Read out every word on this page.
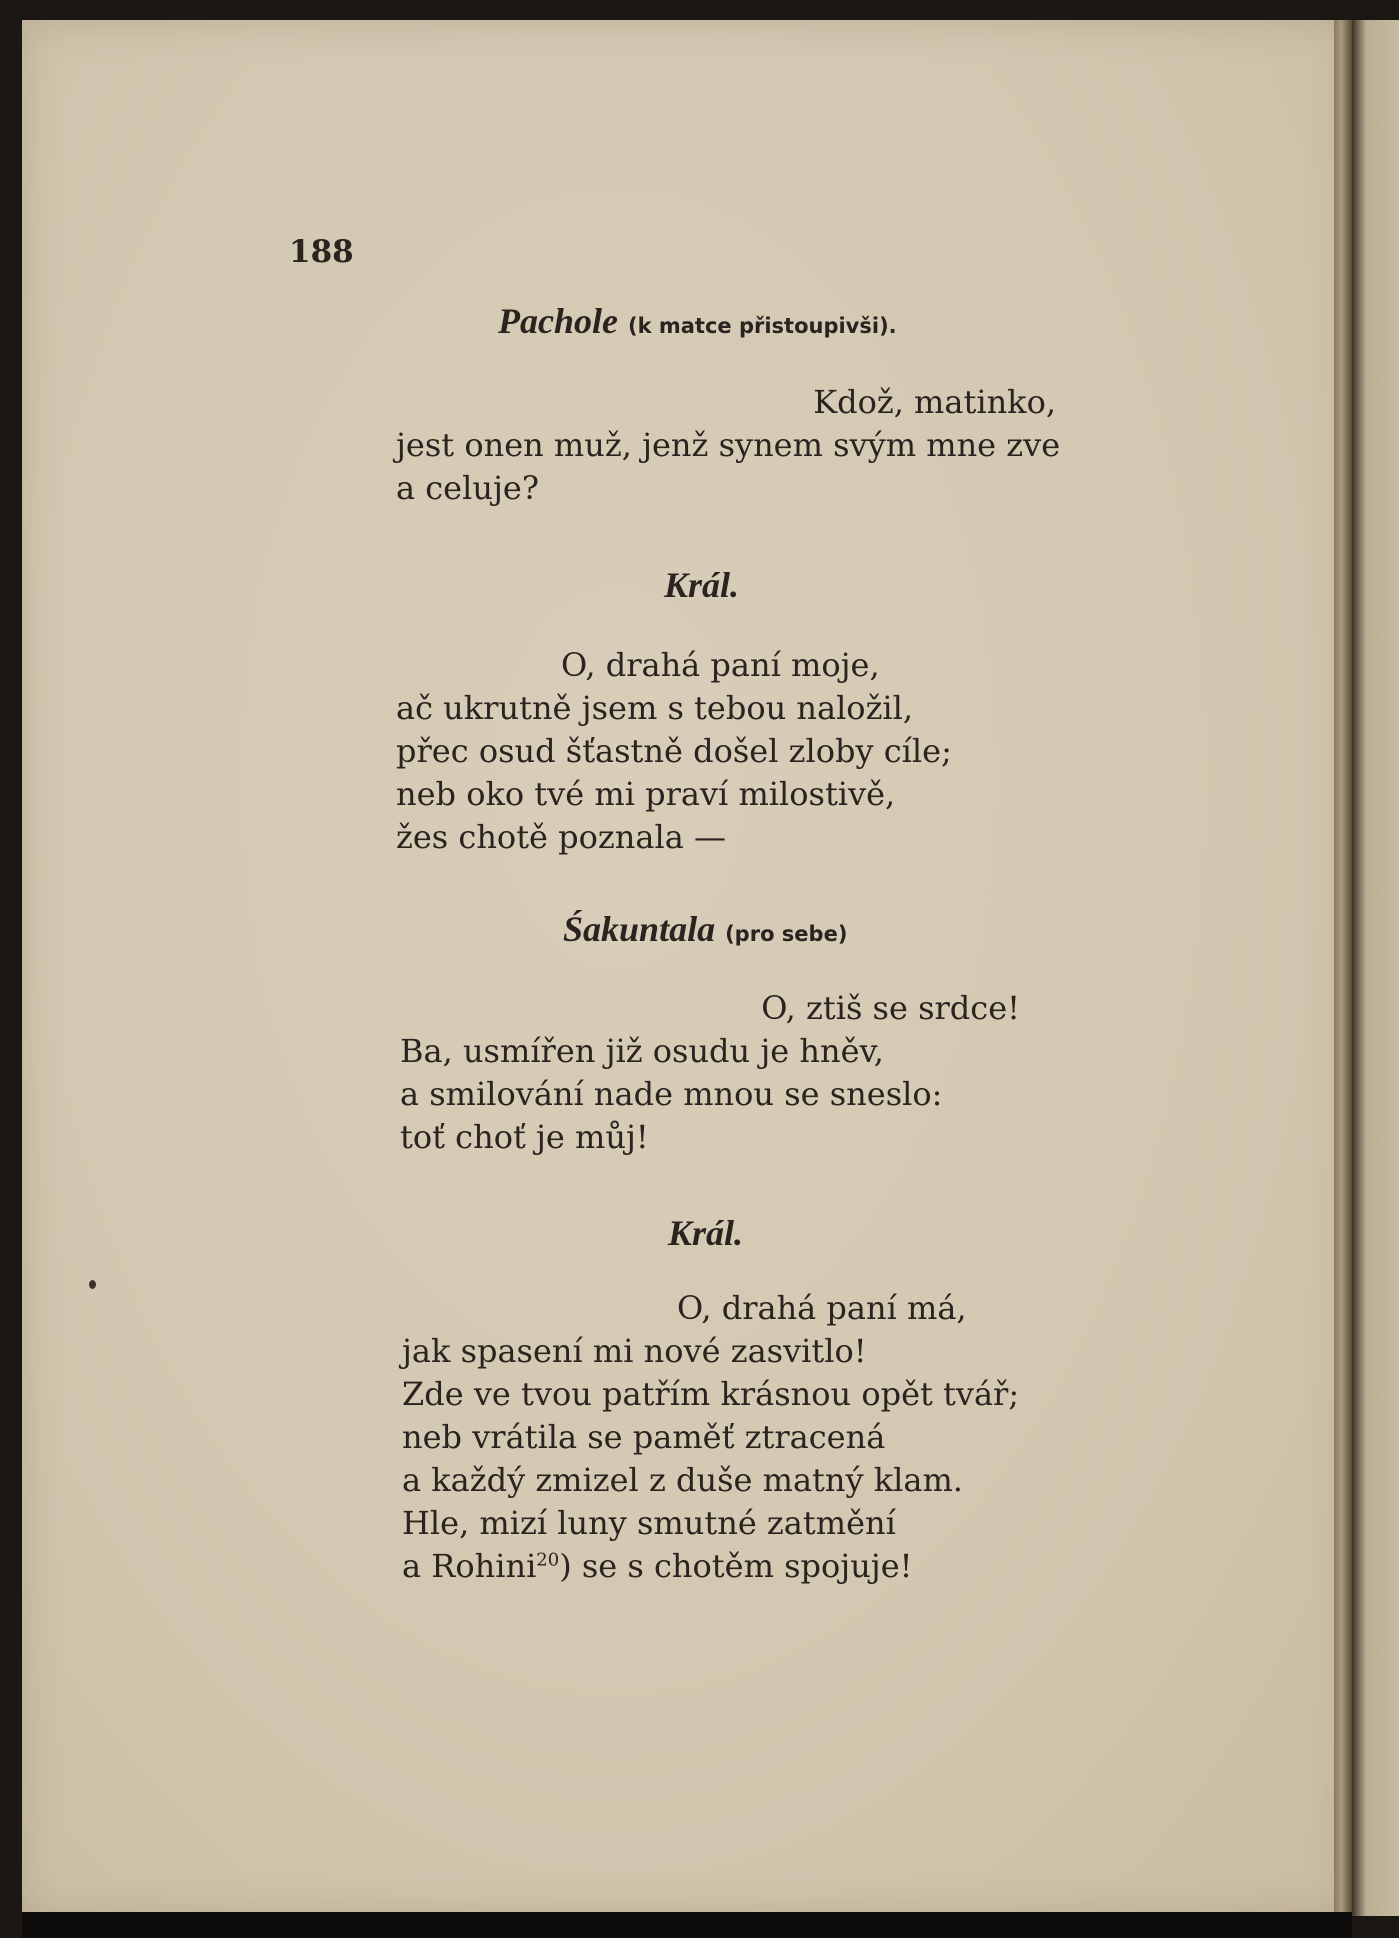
188
Pachole (k matce přistoupivši).
Kdož, matinko,
jest onen muž, jenž synem svým mne zve
a celuje?
Král.
O, drahá paní moje,
ač ukrutně jsem s tebou naložil,
přec osud šťastně došel zloby cíle;
neb oko tvé mi praví milostivě,
žes chotě poznala —
Śakuntala (pro sebe)
O, ztiš se srdce!
Ba, usmířen již osudu je hněv,
a smilování nade mnou se sneslo:
toť choť je můj!
Král.
O, drahá paní má,
jak spasení mi nové zasvitlo!
Zde ve tvou patřím krásnou opět tvář;
neb vrátila se paměť ztracená
a každý zmizel z duše matný klam.
Hle, mizí luny smutné zatmění
a Rohini$^{20}$) se s chotěm spojuje!
